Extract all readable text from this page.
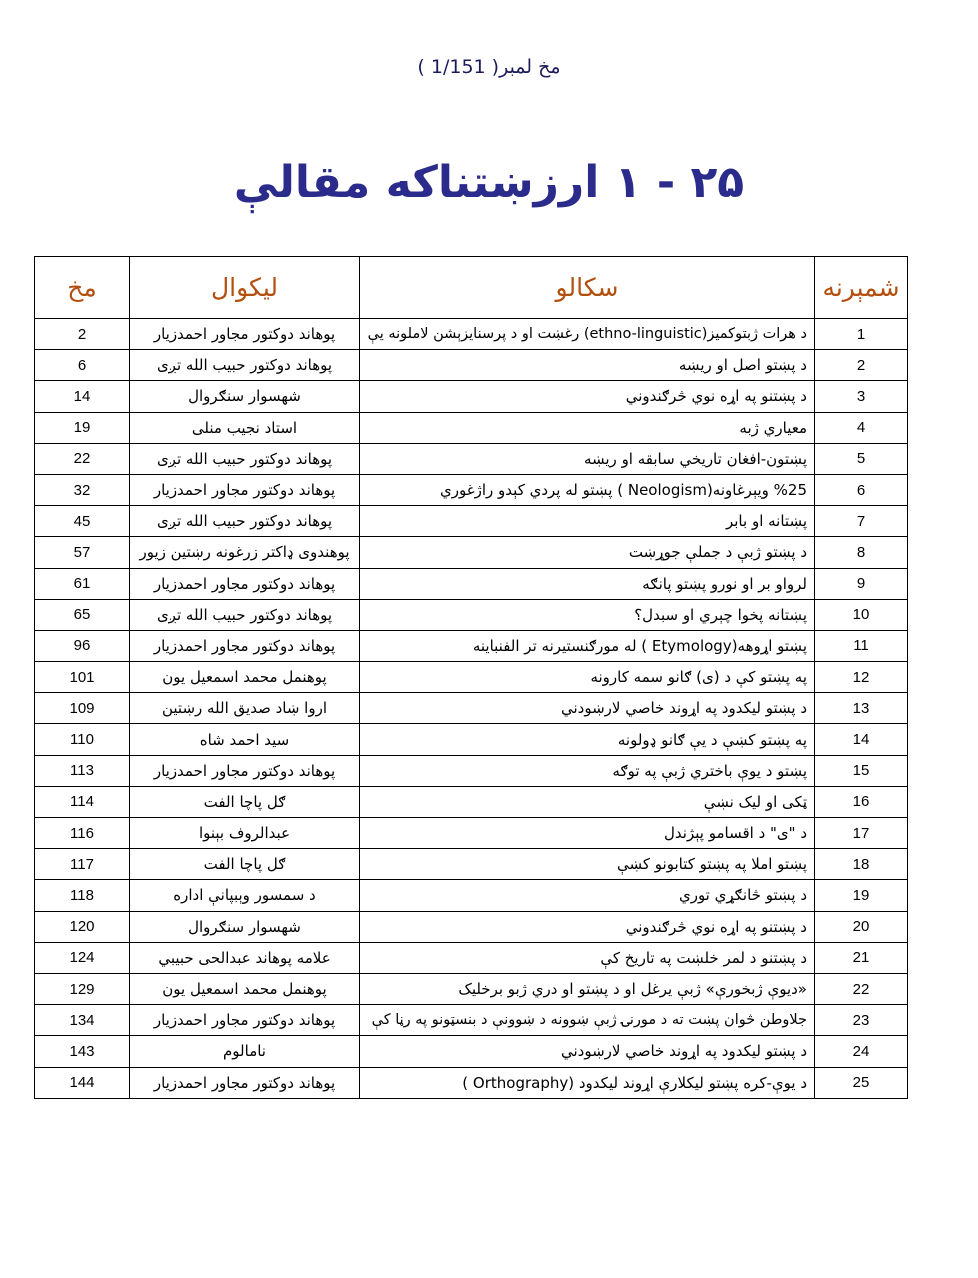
مخ لمبر( 1/151 )
۲۵ - ۱ ارزښتناکه مقالې
شمېرنه	سکالو	ليکوال	مخ
1	د هرات ژبتوکمیز(ethno-linguistic) رغښت او د پرسنایزېشن لاملونه یې	پوهاند دوکتور مجاور احمدزیار	2
2	د پښتو اصل او ریښه	پوهاند دوکتور حبیب الله تږی	6
3	د پښتنو په اړه نوي څرګندوني	شهسوار سنګروال	14
4	معياري ژبه	استاد نجیب منلی	19
5	پښتون-افغان تاریخي سابقه او ریښه	پوهاند دوکتور حبیب الله تږی	22
6	%25 ویېرغاونه(Neologism ) پښتو له پردي کېدو راژغوري	پوهاند دوکتور مجاور احمدزیار	32
7	پښتانه او بابر	پوهاند دوکتور حبیب الله تږی	45
8	د پښتو ژبې د جملې جوړښت	پوهندوی ډاکتر زرغونه رښتین زیور	57
9	لرواو بر او نورو پښتو پانګه	پوهاند دوکتور مجاور احمدزیار	61
10	پښتانه پخوا چېري او سبدل؟	پوهاند دوکتور حبیب الله تږی	65
11	پښتو اړوهه(Etymology ) له مورګنستیرنه تر الفنباینه	پوهاند دوکتور مجاور احمدزیار	96
12	په پښتو کې د (ی) ګانو سمه کارونه	پوهنمل محمد اسمعیل یون	101
13	د پښتو لیکدود په اړوند خاصي لارښودني	اروا ښاد صدیق الله رښتین	109
14	په پښتو کښې د یې ګانو ډولونه	سید احمد شاه	110
15	پښتو د یوې باختري ژبې په توګه	پوهاند دوکتور مجاور احمدزیار	113
16	ټکی او لیک نښې	ګل پاچا الفت	114
17	د "ی" د اقسامو پېژندل	عبدالروف بېنوا	116
18	پښتو املا په پښتو کتابونو کښې	ګل پاچا الفت	117
19	د پښتو څانګړي توري	د سمسور وېبپانې اداره	118
20	د پښتنو په اړه نوي څرګندوني	شهسوار سنګروال	120
21	د پښتنو د لمر خلښت په تاریخ کې	علامه پوهاند عبدالحی حبیبي	124
22	«دیوې ژبخورې» ژبې یرغل او د پښتو او دري ژبو برخلیک	پوهنمل محمد اسمعیل یون	129
23	جلاوطن څوان پښت ته د مورنۍ ژبې ښوونه د ښوونې د بنسټونو په رڼا کې	پوهاند دوکتور مجاور احمدزیار	134
24	د پښتو لیکدود په اړوند خاصي لارښودني	نامالوم	143
25	د یوې-کره پښتو لیکلارې اړوند لیکدود (Orthography )	پوهاند دوکتور مجاور احمدزیار	144
